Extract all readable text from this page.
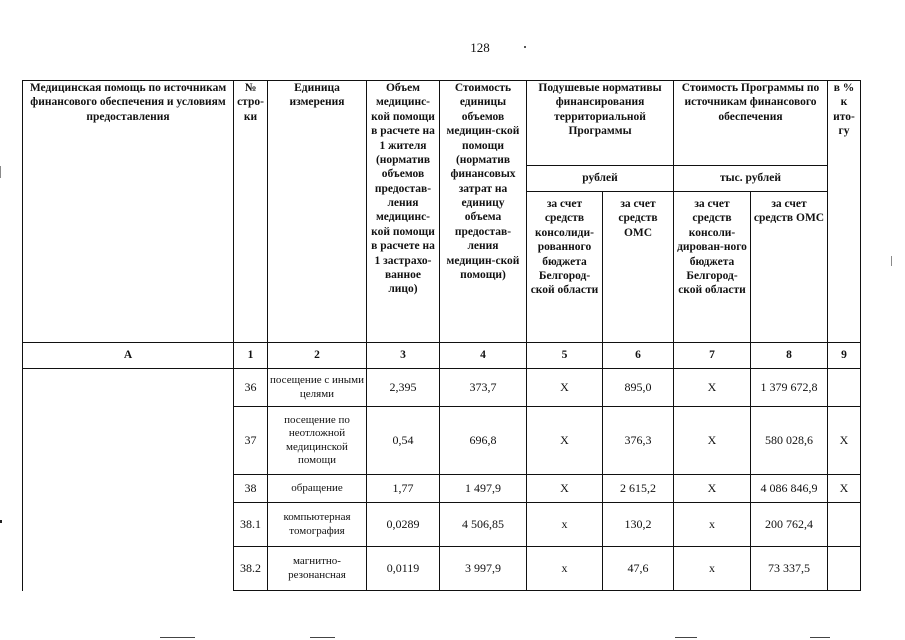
128
Медицинская помощь по источникам финансового обеспечения и условиям предоставления	№ стро-ки	Единица измерения	Объем медицинс-кой помощи в расчете на 1 жителя (норматив объемов предостав-ления медицинс-кой помощи в расчете на 1 застрахо-ванное лицо)	Стоимость единицы объемов медицин-ской помощи (норматив финансовых затрат на единицу объема предостав-ления медицин-ской помощи)	Подушевые нормативы финансирования территориальной Программы		Стоимость Программы по источникам финансового обеспечения		в % к ито-гу
					рублей		тыс. рублей		
					за счет средств консолиди-рованного бюджета Белгород-ской области	за счет средств ОМС	за счет средств консоли-дирован-ного бюджета Белгород-ской области	за счет средств ОМС	
А	1	2	3	4	5	6	7	8	9
	36	посещение с иными целями	2,395	373,7	Х	895,0	Х	1 379 672,8	
	37	посещение по неотложной медицинской помощи	0,54	696,8	Х	376,3	Х	580 028,6	Х
	38	обращение	1,77	1 497,9	Х	2 615,2	Х	4 086 846,9	Х
	38.1	компьютерная томография	0,0289	4 506,85	х	130,2	х	200 762,4	
	38.2	магнитно-резонансная	0,0119	3 997,9	х	47,6	х	73 337,5	
